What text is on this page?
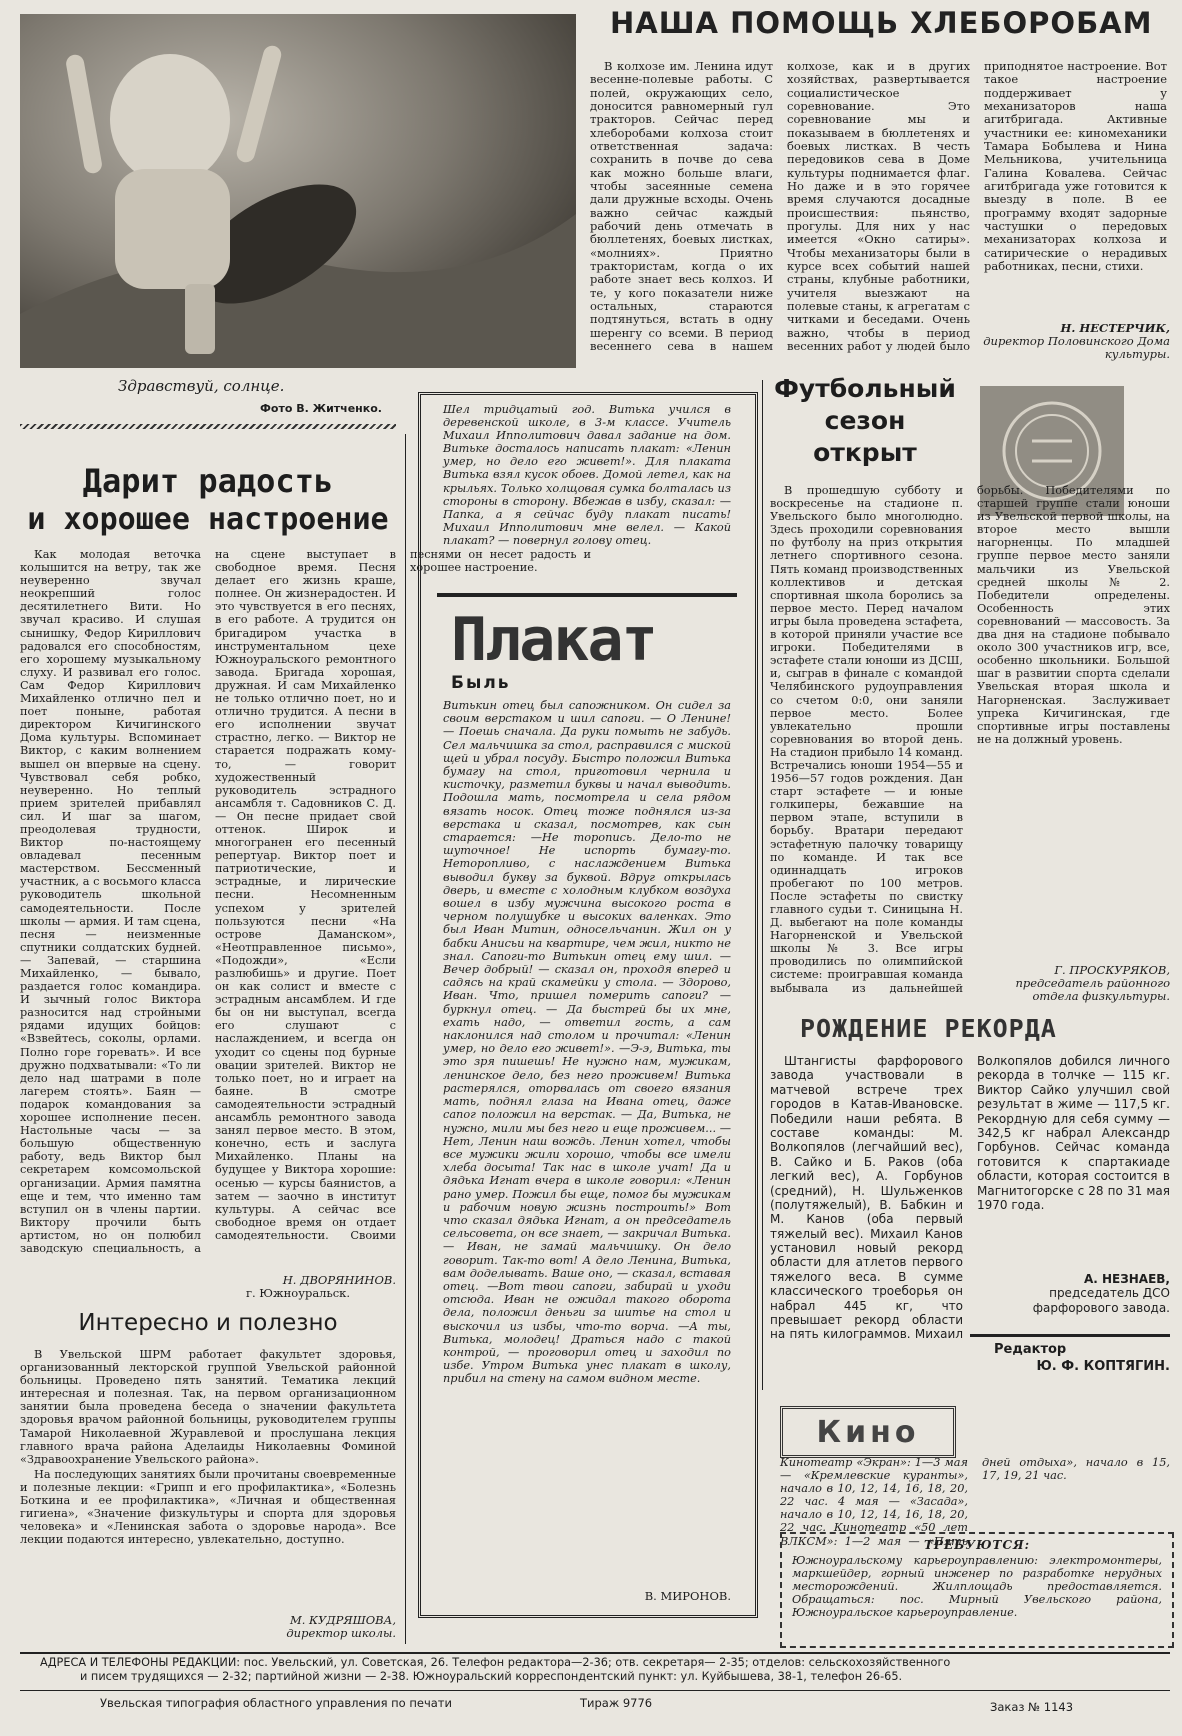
Здравствуй, солнце.
Фото В. Житченко.
НАША ПОМОЩЬ ХЛЕБОРОБАМ

В колхозе им. Ленина идут весенне-полевые работы. С полей, окружающих село, доносится равномерный гул тракторов. Сейчас перед хлеборобами колхоза стоит ответственная задача: сохранить в почве до сева как можно больше влаги, чтобы засеянные семена дали дружные всходы. Очень важно сейчас каждый рабочий день отмечать в бюллетенях, боевых листках, «молниях». Приятно трактористам, когда о их работе знает весь колхоз. И те, у кого показатели ниже остальных, стараются подтянуться, встать в одну шеренгу со всеми. В период весеннего сева в нашем колхозе, как и в других хозяйствах, развертывается социалистическое соревнование. Это соревнование мы и показываем в бюллетенях и боевых листках. В честь передовиков сева в Доме культуры поднимается флаг. Но даже и в это горячее время случаются досадные происшествия: пьянство, прогулы. Для них у нас имеется «Окно сатиры». Чтобы механизаторы были в курсе всех событий нашей страны, клубные работники, учителя выезжают на полевые станы, к агрегатам с читками и беседами. Очень важно, чтобы в период весенних работ у людей было приподнятое настроение. Вот такое настроение поддерживает у механизаторов наша агитбригада. Активные участники ее: киномеханики Тамара Бобылева и Нина Мельникова, учительница Галина Ковалева. Сейчас агитбригада уже готовится к выезду в поле. В ее программу входят задорные частушки о передовых механизаторах колхоза и сатирические о нерадивых работниках, песни, стихи.

Н. НЕСТЕРЧИК,
директор Половинского Дома культуры.
Дарит радость
и хорошее настроение

Как молодая веточка колышится на ветру, так же неуверенно звучал неокрепший голос десятилетнего Вити. Но звучал красиво. И слушая сынишку, Федор Кириллович радовался его способностям, его хорошему музыкальному слуху. И развивал его голос. Сам Федор Кириллович Михайленко отлично пел и поет поныне, работая директором Кичигинского Дома культуры. Вспоминает Виктор, с каким волнением вышел он впервые на сцену. Чувствовал себя робко, неуверенно. Но теплый прием зрителей прибавлял сил. И шаг за шагом, преодолевая трудности, Виктор по-настоящему овладевал песенным мастерством. Бессменный участник, а с восьмого класса руководитель школьной самодеятельности. После школы — армия. И там сцена, песня — неизменные спутники солдатских будней. — Запевай, — старшина Михайленко, — бывало, раздается голос командира. И зычный голос Виктора разносится над стройными рядами идущих бойцов: «Взвейтесь, соколы, орлами. Полно горе горевать». И все дружно подхватывали: «То ли дело над шатрами в поле лагерем стоять». Баян — подарок командования за хорошее исполнение песен. Настольные часы — за большую общественную работу, ведь Виктор был секретарем комсомольской организации. Армия памятна еще и тем, что именно там вступил он в члены партии. Виктору прочили быть артистом, но он полюбил заводскую специальность, а на сцене выступает в свободное время. Песня делает его жизнь краше, полнее. Он жизнерадостен. И это чувствуется в его песнях, в его работе. А трудится он бригадиром участка в инструментальном цехе Южноуральского ремонтного завода. Бригада хорошая, дружная. И сам Михайленко не только отлично поет, но и отлично трудится. А песни в его исполнении звучат страстно, легко. — Виктор не старается подражать кому-то, — говорит художественный руководитель эстрадного ансамбля т. Садовников С. Д. — Он песне придает свой оттенок. Широк и многогранен его песенный репертуар. Виктор поет и патриотические, и эстрадные, и лирические песни. Несомненным успехом у зрителей пользуются песни «На острове Даманском», «Неотправленное письмо», «Подожди», «Если разлюбишь» и другие. Поет он как солист и вместе с эстрадным ансамблем. И где бы он ни выступал, всегда его слушают с наслаждением, и всегда он уходит со сцены под бурные овации зрителей. Виктор не только поет, но и играет на баяне. В смотре самодеятельности эстрадный ансамбль ремонтного завода занял первое место. В этом, конечно, есть и заслуга Михайленко. Планы на будущее у Виктора хорошие: осенью — курсы баянистов, а затем — заочно в институт культуры. А сейчас все свободное время он отдает самодеятельности. Своими песнями он несет радость и хорошее настроение.

Н. ДВОРЯНИНОВ.
г. Южноуральск.
Интересно и полезно

В Увельской ШРМ работает факультет здоровья, организованный лекторской группой Увельской районной больницы. Проведено пять занятий. Тематика лекций интересная и полезная. Так, на первом организационном занятии была проведена беседа о значении факультета здоровья врачом районной больницы, руководителем группы Тамарой Николаевной Журавлевой и прослушана лекция главного врача района Аделаиды Николаевны Фоминой «Здравоохранение Увельского района».

На последующих занятиях были прочитаны своевременные и полезные лекции: «Грипп и его профилактика», «Болезнь Боткина и ее профилактика», «Личная и общественная гигиена», «Значение физкультуры и спорта для здоровья человека» и «Ленинская забота о здоровье народа». Все лекции подаются интересно, увлекательно, доступно.

М. КУДРЯШОВА,
директор школы.
Шел тридцатый год. Витька учился в деревенской школе, в 3-м классе. Учитель Михаил Ипполитович давал задание на дом. Витьке досталось написать плакат: «Ленин умер, но дело его живет!». Для плаката Витька взял кусок обоев. Домой летел, как на крыльях. Только холщовая сумка болталась из стороны в сторону. Вбежав в избу, сказал: —Папка, а я сейчас буду плакат писать! Михаил Ипполитович мне велел. — Какой плакат? — повернул голову отец.
Плакат
Быль
Витькин отец был сапожником. Он сидел за своим верстаком и шил сапоги. — О Ленине! — Поешь сначала. Да руки помыть не забудь. Сел мальчишка за стол, расправился с миской щей и убрал посуду. Быстро положил Витька бумагу на стол, приготовил чернила и кисточку, разметил буквы и начал выводить. Подошла мать, посмотрела и села рядом вязать носок. Отец тоже поднялся из-за верстака и сказал, посмотрев, как сын старается: —Не торопись. Дело-то не шуточное! Не испорть бумагу-то. Неторопливо, с наслаждением Витька выводил букву за буквой. Вдруг открылась дверь, и вместе с холодным клубком воздуха вошел в избу мужчина высокого роста в черном полушубке и высоких валенках. Это был Иван Митин, односельчанин. Жил он у бабки Анисьи на квартире, чем жил, никто не знал. Сапоги-то Витькин отец ему шил. — Вечер добрый! — сказал он, проходя вперед и садясь на край скамейки у стола. — Здорово, Иван. Что, пришел померить сапоги? — буркнул отец. — Да быстрей бы их мне, ехать надо, — ответил гость, а сам наклонился над столом и прочитал: «Ленин умер, но дело его живет!». —Э-э, Витька, ты это зря пишешь! Не нужно нам, мужикам, ленинское дело, без него проживем! Витька растерялся, оторвалась от своего вязания мать, поднял глаза на Ивана отец, даже сапог положил на верстак. — Да, Витька, не нужно, мили мы без него и еще проживем... — Нет, Ленин наш вождь. Ленин хотел, чтобы все мужики жили хорошо, чтобы все имели хлеба досыта! Так нас в школе учат! Да и дядька Игнат вчера в школе говорил: «Ленин рано умер. Пожил бы еще, помог бы мужикам и рабочим новую жизнь построить!» Вот что сказал дядька Игнат, а он председатель сельсовета, он все знает, — закричал Витька. — Иван, не замай мальчишку. Он дело говорит. Так-то вот! А дело Ленина, Витька, вам доделывать. Ваше оно, — сказал, вставая отец. —Вот твои сапоги, забирай и уходи отсюда. Иван не ожидал такого оборота дела, положил деньги за шитье на стол и выскочил из избы, что-то ворча. —А ты, Витька, молодец! Драться надо с такой контрой, — проговорил отец и заходил по избе. Утром Витька унес плакат в школу, прибил на стену на самом видном месте.
В. МИРОНОВ.
Футбольный
сезон
открыт

В прошедшую субботу и воскресенье на стадионе п. Увельского было многолюдно. Здесь проходили соревнования по футболу на приз открытия летнего спортивного сезона. Пять команд производственных коллективов и детская спортивная школа боролись за первое место. Перед началом игры была проведена эстафета, в которой приняли участие все игроки. Победителями в эстафете стали юноши из ДСШ, и, сыграв в финале с командой Челябинского рудоуправления со счетом 0:0, они заняли первое место. Более увлекательно прошли соревнования во второй день. На стадион прибыло 14 команд. Встречались юноши 1954—55 и 1956—57 годов рождения. Дан старт эстафете — и юные голкиперы, бежавшие на первом этапе, вступили в борьбу. Вратари передают эстафетную палочку товарищу по команде. И так все одиннадцать игроков пробегают по 100 метров. После эстафеты по свистку главного судьи т. Синицына Н. Д. выбегают на поле команды Нагорненской и Увельской школы № 3. Все игры проводились по олимпийской системе: проигравшая команда выбывала из дальнейшей борьбы. Победителями по старшей группе стали юноши из Увельской первой школы, на второе место вышли нагорненцы. По младшей группе первое место заняли мальчики из Увельской средней школы № 2. Победители определены. Особенность этих соревнований — массовость. За два дня на стадионе побывало около 300 участников игр, все, особенно школьники. Большой шаг в развитии спорта сделали Увельская вторая школа и Нагорненская. Заслуживает упрека Кичигинская, где спортивные игры поставлены не на должный уровень.

Г. ПРОСКУРЯКОВ,
председатель районного отдела физкультуры.
РОЖДЕНИЕ РЕКОРДА

Штангисты фарфорового завода участвовали в матчевой встрече трех городов в Катав-Ивановске. Победили наши ребята. В составе команды: М. Волкопялов (легчайший вес), В. Сайко и Б. Раков (оба легкий вес), А. Горбунов (средний), Н. Шульженков (полутяжелый), В. Бабкин и М. Канов (оба первый тяжелый вес). Михаил Канов установил новый рекорд области для атлетов первого тяжелого веса. В сумме классического троеборья он набрал 445 кг, что превышает рекорд области на пять килограммов. Михаил Волкопялов добился личного рекорда в толчке — 115 кг. Виктор Сайко улучшил свой результат в жиме — 117,5 кг. Рекордную для себя сумму — 342,5 кг набрал Александр Горбунов. Сейчас команда готовится к спартакиаде области, которая состоится в Магнитогорске с 28 по 31 мая 1970 года.

А. НЕЗНАЕВ,
председатель ДСО фарфорового завода.
Редактор
Ю. Ф. КОПТЯГИН.
Кино

Кинотеатр «Экран»: 1—3 мая — «Кремлевские куранты», начало в 10, 12, 14, 16, 18, 20, 22 час. 4 мая — «Засада», начало в 10, 12, 14, 16, 18, 20, 22 час. Кинотеатр «50 лет ВЛКСМ»: 1—2 мая — «Пять дней отдыха», начало в 15, 17, 19, 21 час.

ТРЕБУЮТСЯ:
Южноуральскому карьероуправлению: электромонтеры, маркшейдер, горный инженер по разработке нерудных месторождений. Жилплощадь предоставляется. Обращаться: пос. Мирный Увельского района, Южноуральское карьероуправление.
АДРЕСА И ТЕЛЕФОНЫ РЕДАКЦИИ: пос. Увельский, ул. Советская, 26. Телефон редактора—2-36; отв. секретаря— 2-35; отделов: сельскохозяйственного
и писем трудящихся — 2-32; партийной жизни — 2-38. Южноуральский корреспондентский пункт: ул. Куйбышева, 38-1, телефон 26-65.
Увельская типография областного управления по печати	Тираж 9776	Заказ № 1143
